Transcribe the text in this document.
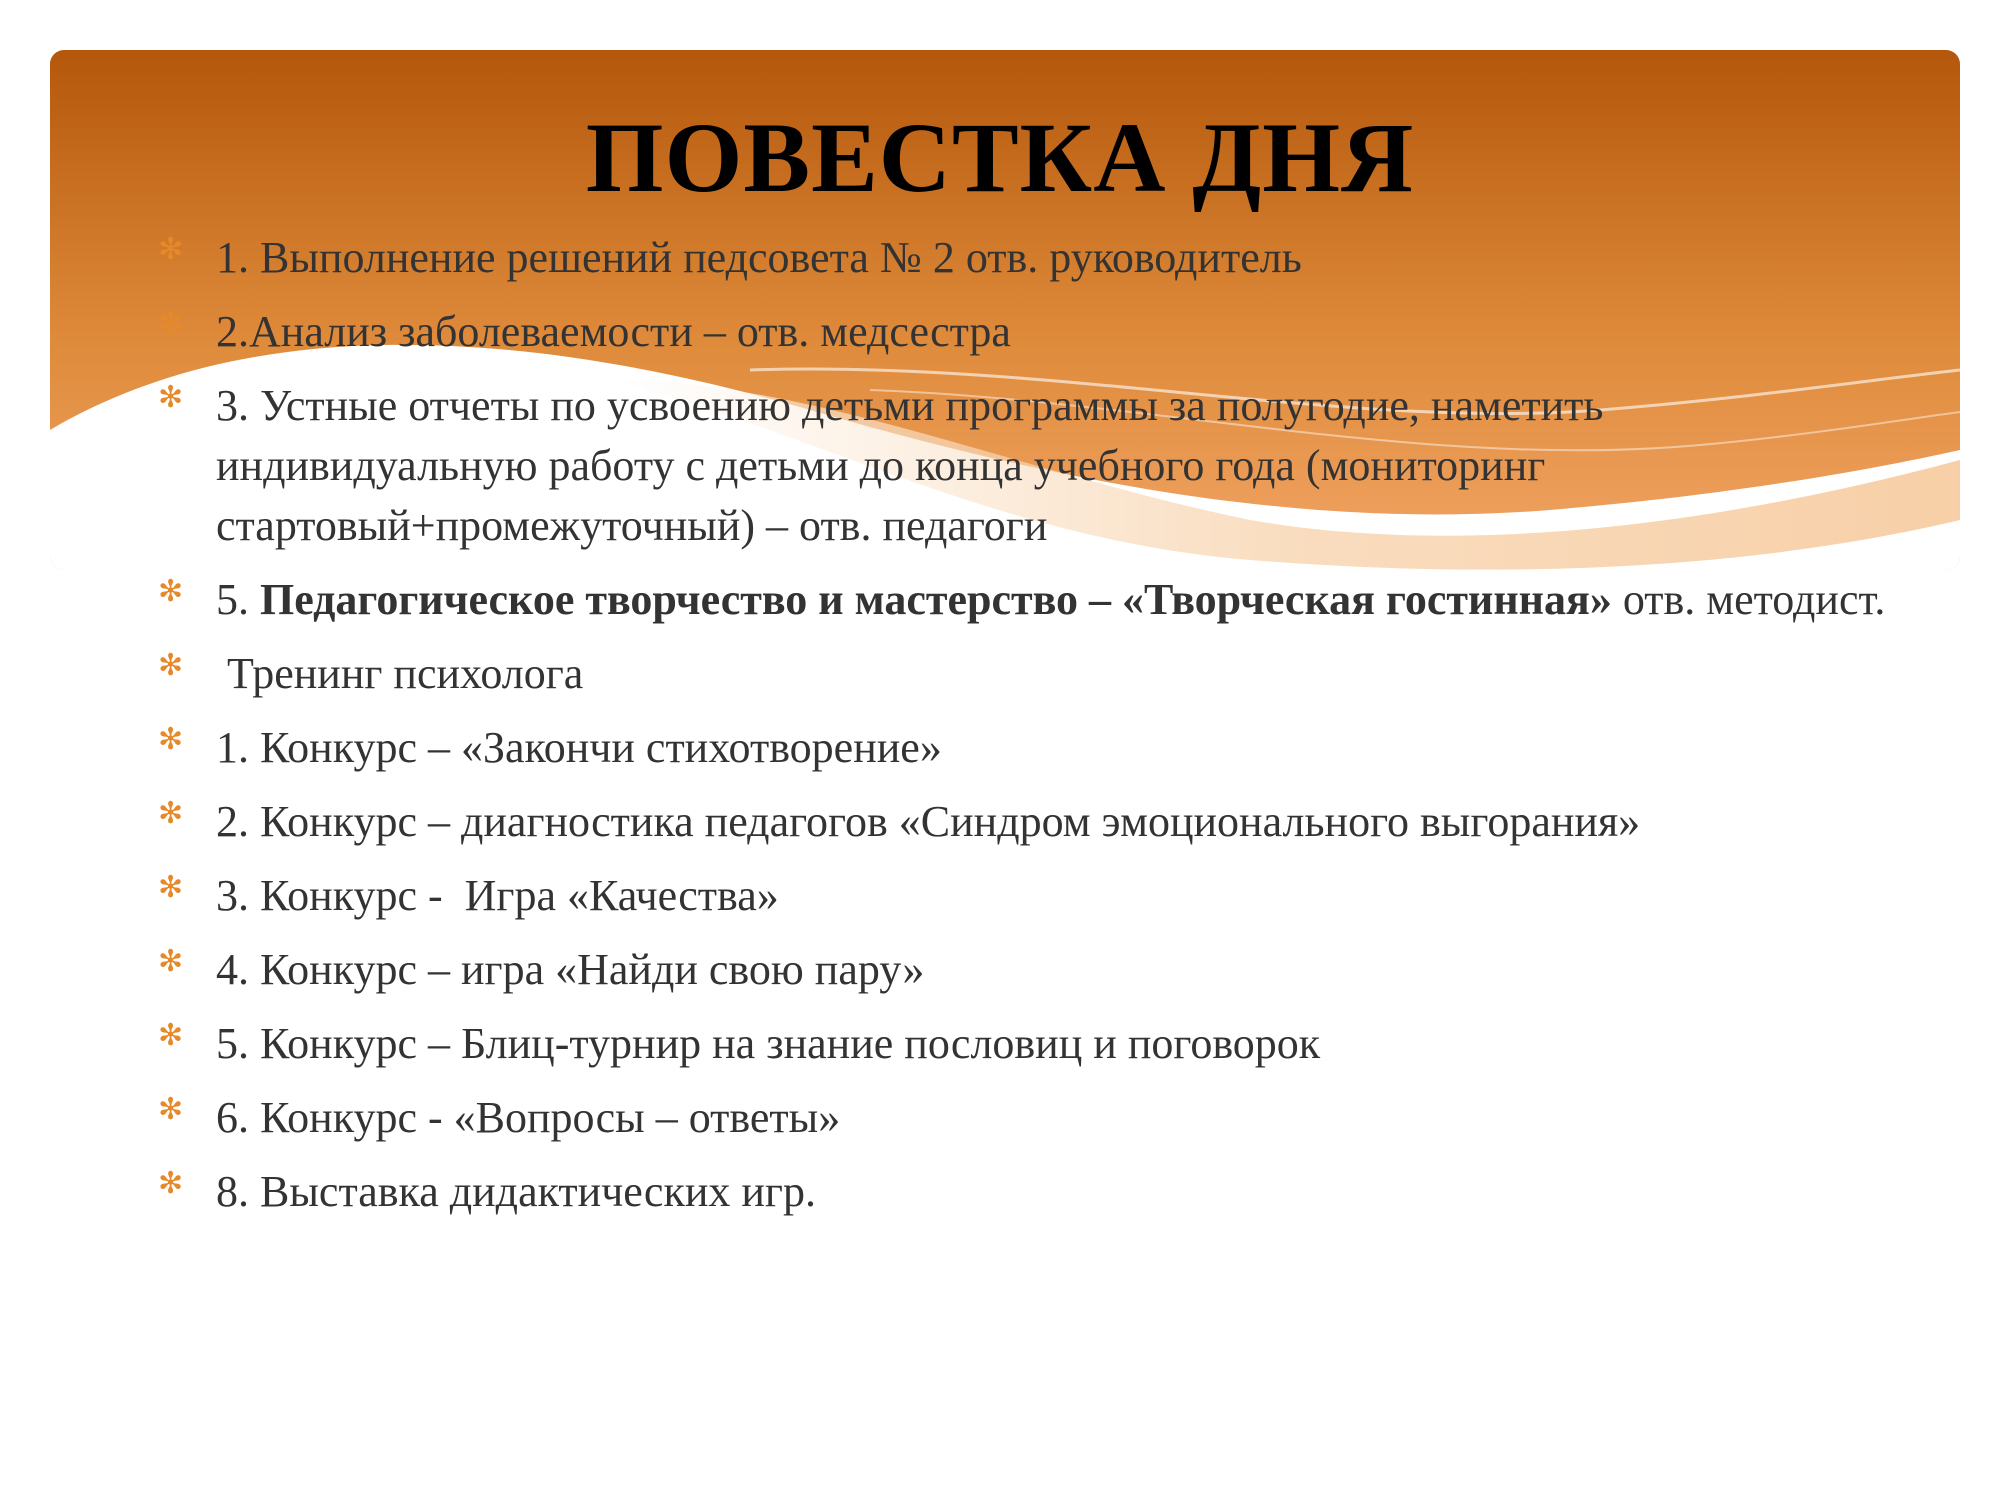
ПОВЕСТКА ДНЯ
✻ 1. Выполнение решений педсовета № 2 отв. руководитель
✻ 2.Анализ заболеваемости – отв. медсестра
✻ 3. Устные отчеты по усвоению детьми программы за полугодие, наметить индивидуальную работу с детьми до конца учебного года (мониторинг стартовый+промежуточный) – отв. педагоги
✻ 5. Педагогическое творчество и мастерство – «Творческая гостинная» отв. методист.
✻ Тренинг психолога
✻ 1. Конкурс – «Закончи стихотворение»
✻ 2. Конкурс – диагностика педагогов «Синдром эмоционального выгорания»
✻ 3. Конкурс -  Игра «Качества»
✻ 4. Конкурс – игра «Найди свою пару»
✻ 5. Конкурс – Блиц-турнир на знание пословиц и поговорок
✻ 6. Конкурс - «Вопросы – ответы»
✻ 8. Выставка дидактических игр.
